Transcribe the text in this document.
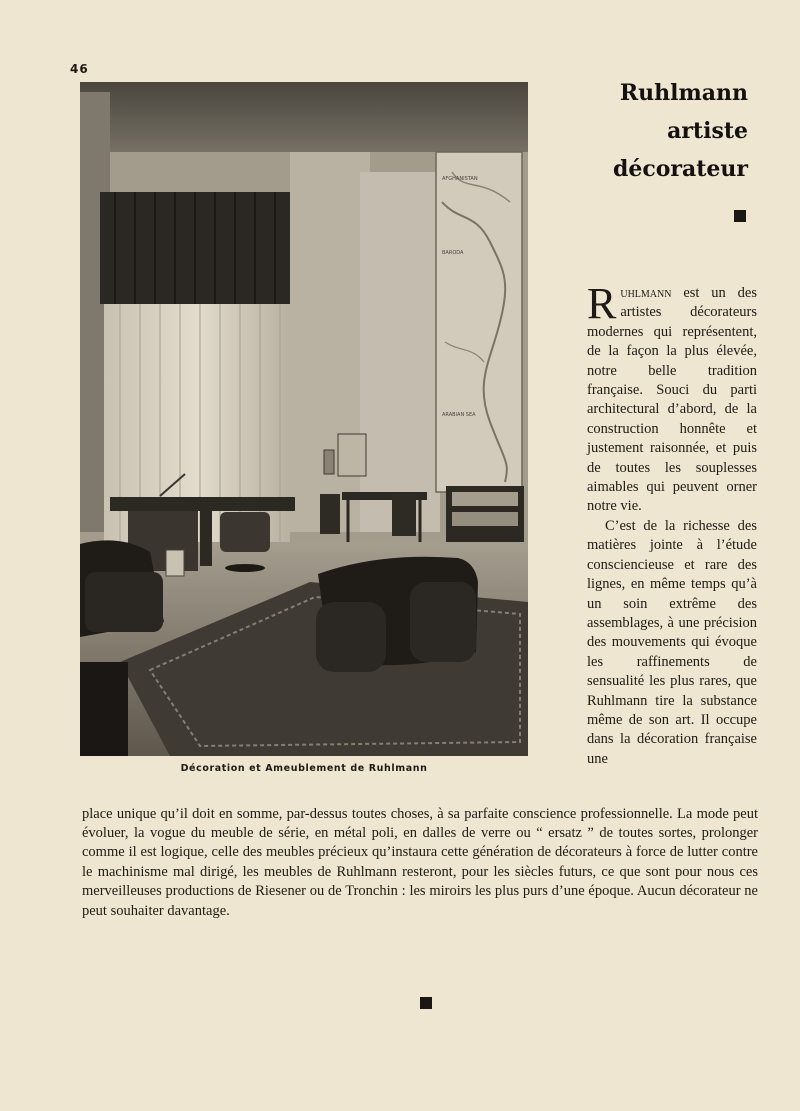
46
Ruhlmann
artiste
décorateur
AFGHANISTAN
BARODA
ARABIAN SEA
Décoration et Ameublement de Ruhlmann

Ruhlmann est un des artistes décorateurs modernes qui représentent, de la façon la plus élevée, notre belle tradition française. Souci du parti architectural d’abord, de la construction honnête et justement raisonnée, et puis de toutes les souplesses aimables qui peuvent orner notre vie.

C’est de la richesse des matières jointe à l’étude consciencieuse et rare des lignes, en même temps qu’à un soin extrême des assemblages, à une précision des mouvements qui évoque les raffinements de sensualité les plus rares, que Ruhlmann tire la substance même de son art. Il occupe dans la décoration française une

place unique qu’il doit en somme, par-dessus toutes choses, à sa parfaite conscience professionnelle. La mode peut évoluer, la vogue du meuble de série, en métal poli, en dalles de verre ou “ ersatz ” de toutes sortes, prolonger comme il est logique, celle des meubles précieux qu’instaura cette génération de décorateurs à force de lutter contre le machinisme mal dirigé, les meubles de Ruhlmann resteront, pour les siècles futurs, ce que sont pour nous ces merveilleuses productions de Riesener ou de Tronchin : les miroirs les plus purs d’une époque. Aucun décorateur ne peut souhaiter davantage.
